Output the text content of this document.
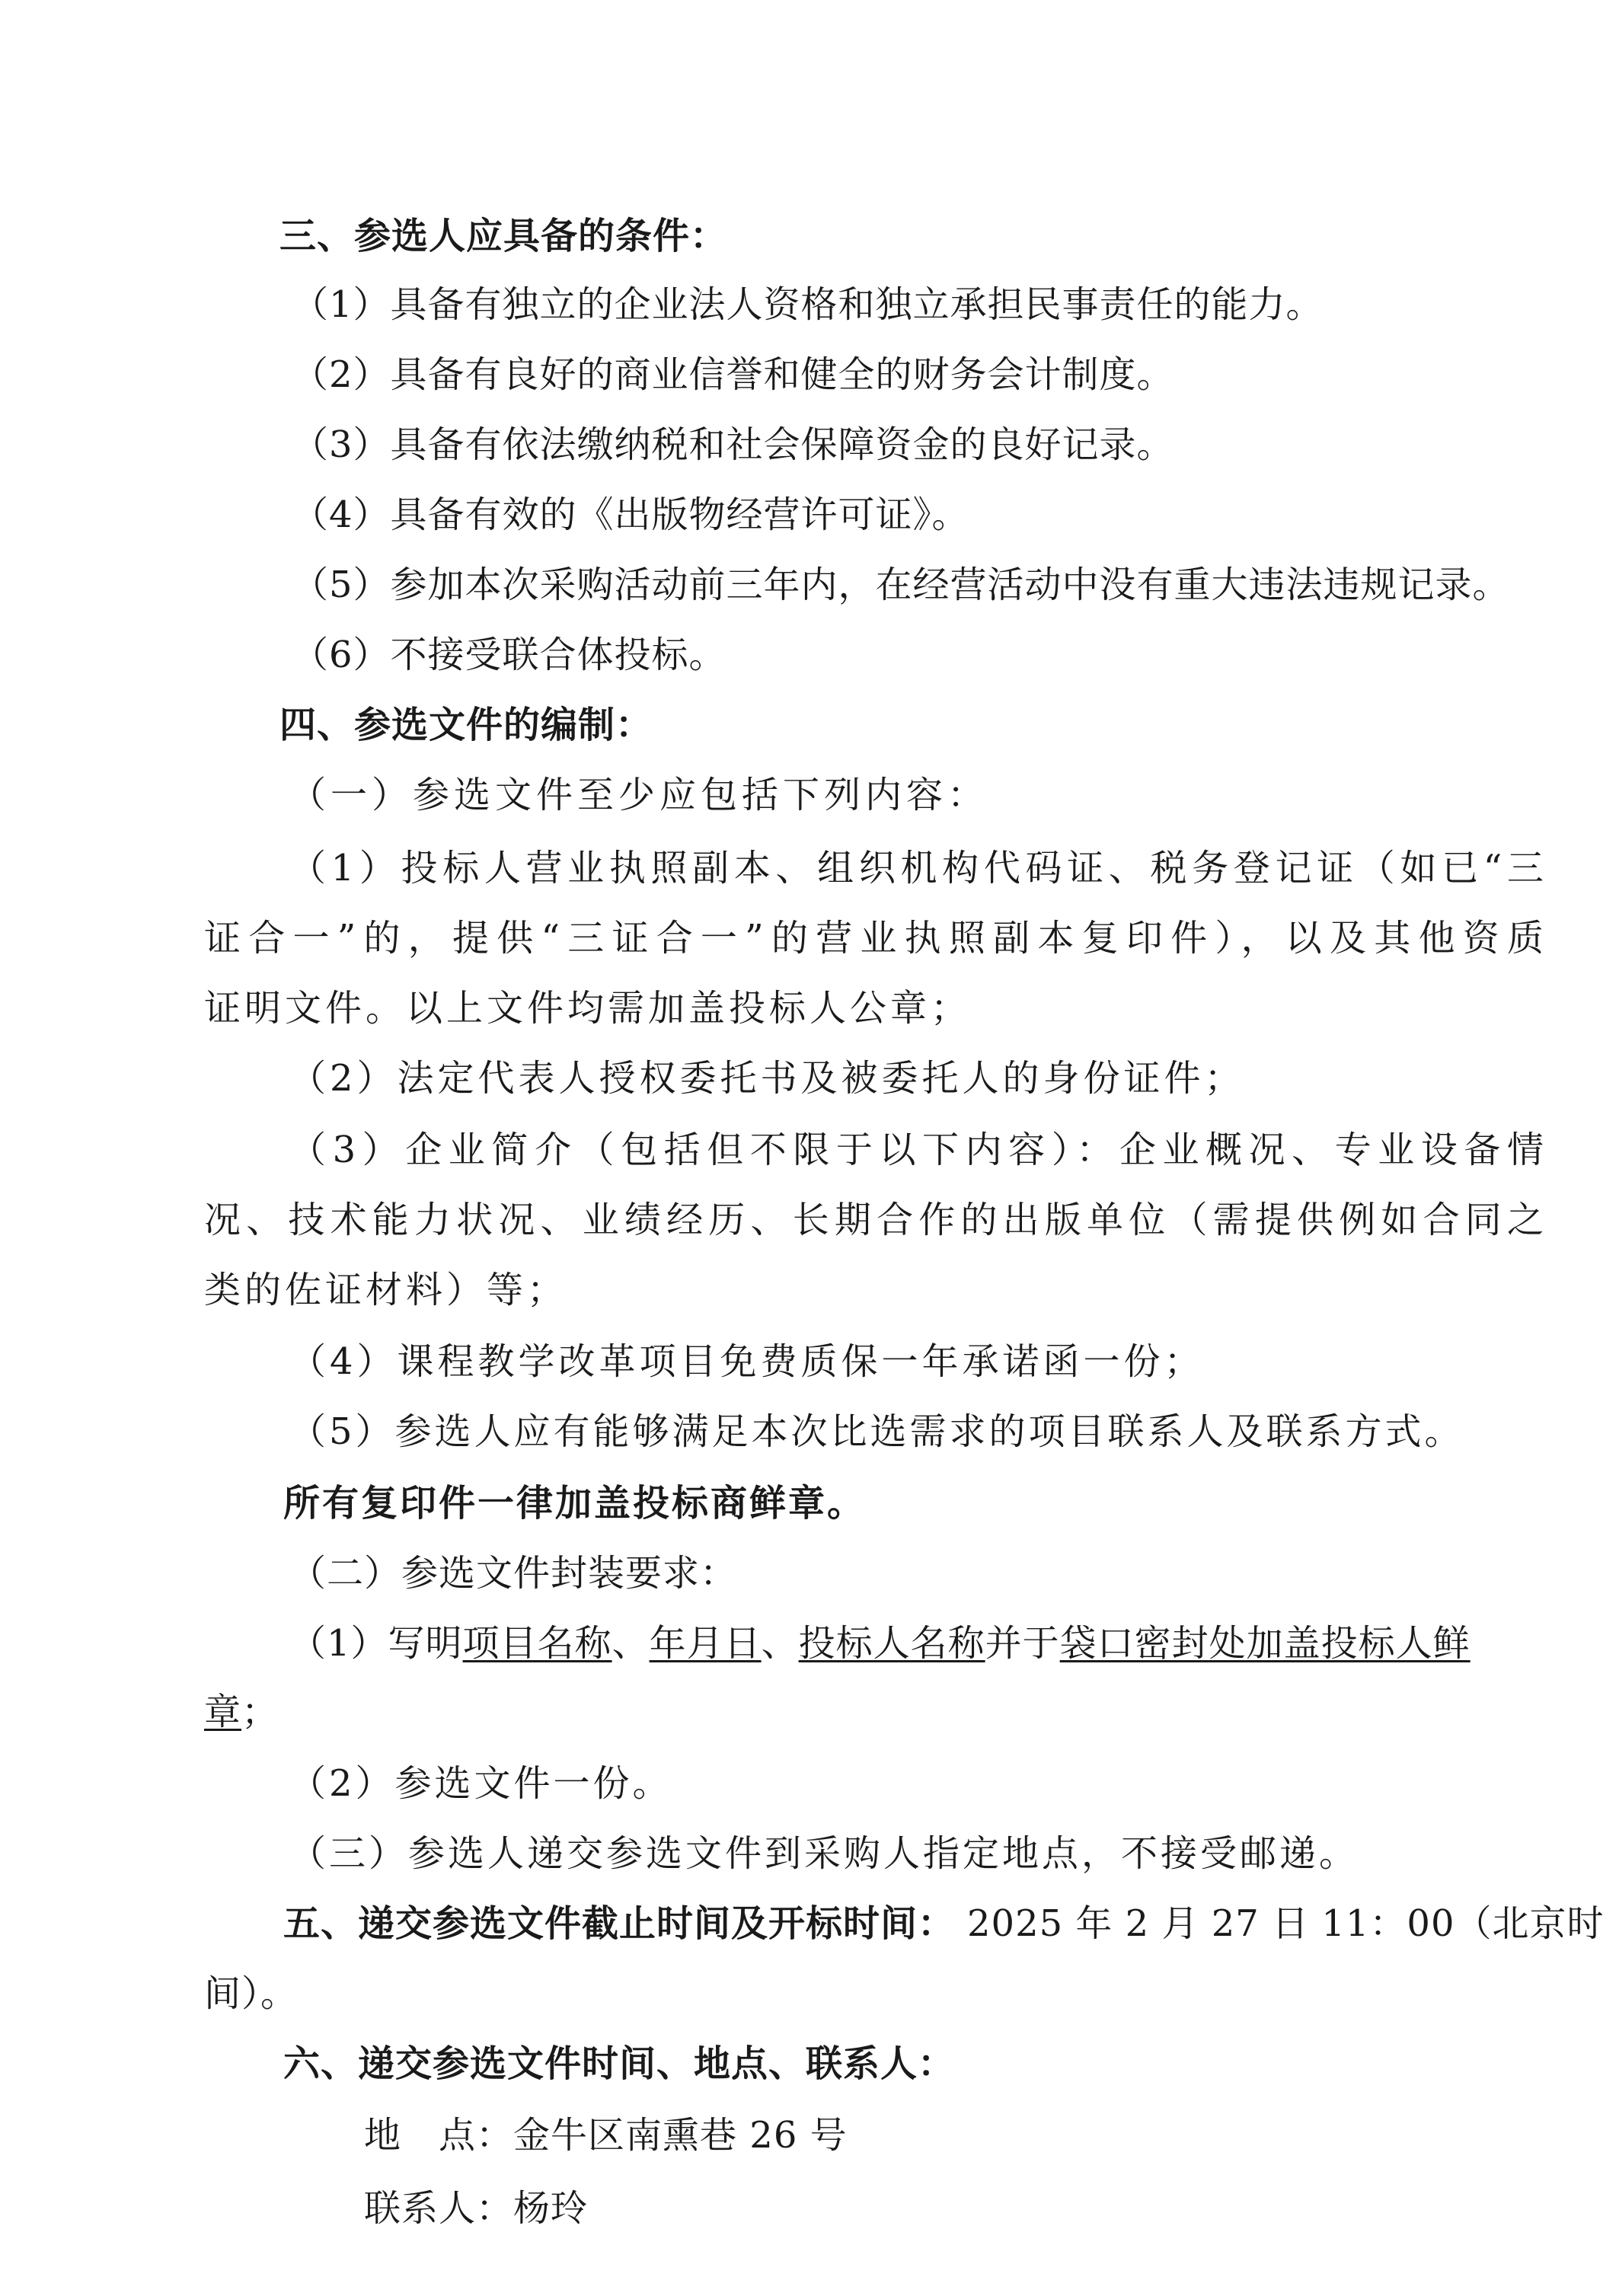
三、参选人应具备的条件：
（1）具备有独立的企业法人资格和独立承担民事责任的能力。
（2）具备有良好的商业信誉和健全的财务会计制度。
（3）具备有依法缴纳税和社会保障资金的良好记录。
（4）具备有效的《出版物经营许可证》。
（5）参加本次采购活动前三年内，在经营活动中没有重大违法违规记录。
（6）不接受联合体投标。
四、参选文件的编制：
（一）参选文件至少应包括下列内容：
（1）投标人营业执照副本、组织机构代码证、税务登记证（如已“三
证合一”的，提供“三证合一”的营业执照副本复印件），以及其他资质
证明文件。以上文件均需加盖投标人公章；
（2）法定代表人授权委托书及被委托人的身份证件；
（3）企业简介（包括但不限于以下内容）：企业概况、专业设备情
况、技术能力状况、业绩经历、长期合作的出版单位（需提供例如合同之
类的佐证材料）等；
（4）课程教学改革项目免费质保一年承诺函一份；
（5）参选人应有能够满足本次比选需求的项目联系人及联系方式。
所有复印件一律加盖投标商鲜章。
（二）参选文件封装要求：
（1）写明项目名称、年月日、投标人名称并于袋口密封处加盖投标人鲜
章；
（2）参选文件一份。
（三）参选人递交参选文件到采购人指定地点，不接受邮递。
五、递交参选文件截止时间及开标时间： 2025 年 2 月 27 日 11：00（北京时
间）。
六、递交参选文件时间、地点、联系人：
地　点：金牛区南熏巷 26 号
联系人：杨玲
